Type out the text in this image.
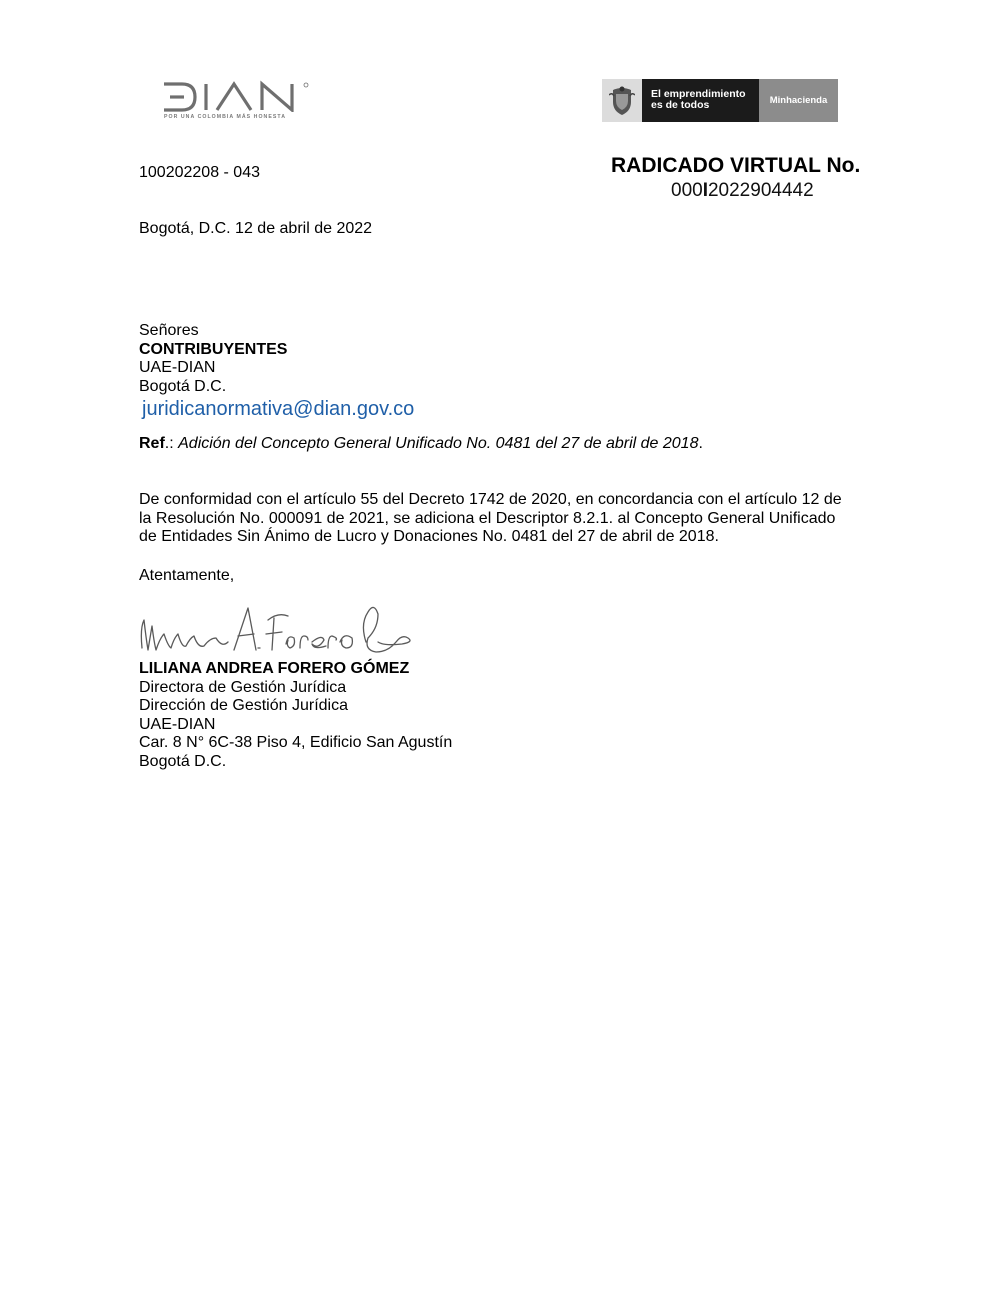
POR UNA COLOMBIA MÁS HONESTA
El emprendimiento
es de todos	Minhacienda
100202208 - 043	RADICADO VIRTUAL No.
000I2022904442
Bogotá, D.C. 12 de abril de 2022
Señores
CONTRIBUYENTES
UAE-DIAN
Bogotá D.C.
juridicanormativa@dian.gov.co
Ref.: Adición del Concepto General Unificado No. 0481 del 27 de abril de 2018.
De conformidad con el artículo 55 del Decreto 1742 de 2020, en concordancia con el artículo 12 de
la Resolución No. 000091 de 2021, se adiciona el Descriptor 8.2.1. al Concepto General Unificado
de Entidades Sin Ánimo de Lucro y Donaciones No. 0481 del 27 de abril de 2018.
Atentamente,
LILIANA ANDREA FORERO GÓMEZ
Directora de Gestión Jurídica
Dirección de Gestión Jurídica
UAE-DIAN
Car. 8 N° 6C-38 Piso 4, Edificio San Agustín
Bogotá D.C.
